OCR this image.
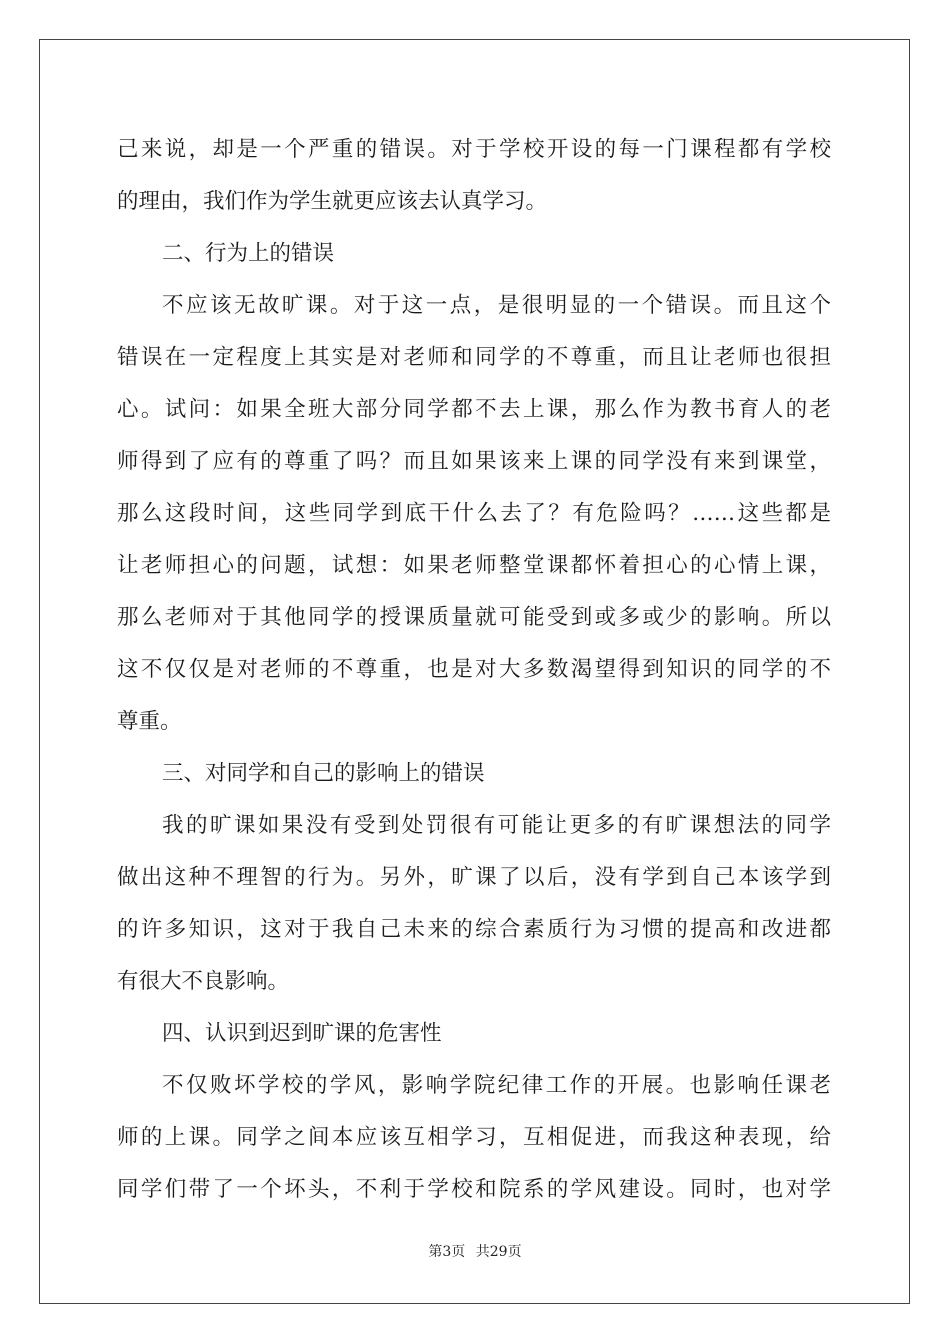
己来说，却是一个严重的错误。对于学校开设的每一门课程都有学校
的理由，我们作为学生就更应该去认真学习。
二、行为上的错误
不应该无故旷课。对于这一点，是很明显的一个错误。而且这个
错误在一定程度上其实是对老师和同学的不尊重，而且让老师也很担
心。试问：如果全班大部分同学都不去上课，那么作为教书育人的老
师得到了应有的尊重了吗？而且如果该来上课的同学没有来到课堂，
那么这段时间，这些同学到底干什么去了？有危险吗？……这些都是
让老师担心的问题，试想：如果老师整堂课都怀着担心的心情上课，
那么老师对于其他同学的授课质量就可能受到或多或少的影响。所以
这不仅仅是对老师的不尊重，也是对大多数渴望得到知识的同学的不
尊重。
三、对同学和自己的影响上的错误
我的旷课如果没有受到处罚很有可能让更多的有旷课想法的同学
做出这种不理智的行为。另外，旷课了以后，没有学到自己本该学到
的许多知识，这对于我自己未来的综合素质行为习惯的提高和改进都
有很大不良影响。
四、认识到迟到旷课的危害性
不仅败坏学校的学风，影响学院纪律工作的开展。也影响任课老
师的上课。同学之间本应该互相学习，互相促进，而我这种表现，给
同学们带了一个坏头，不利于学校和院系的学风建设。同时，也对学
第3页 共29页
